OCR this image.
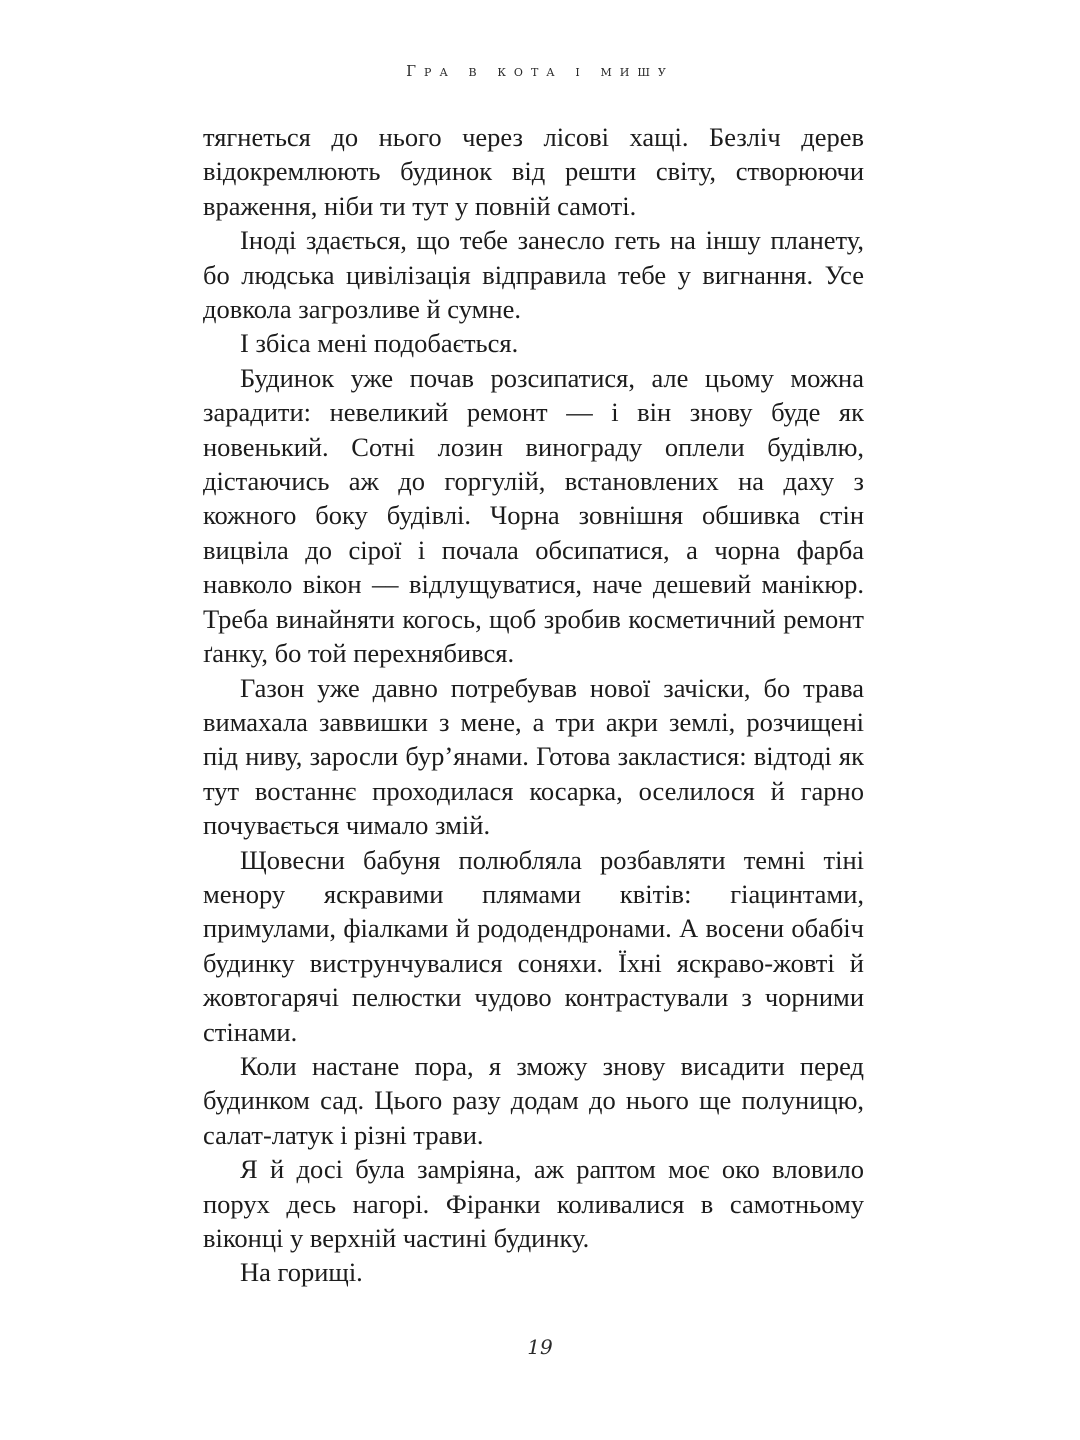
Гра в кота і мишу

тягнеться до нього через лісові хащі. Безліч дерев відокремлюють будинок від решти світу, створюючи враження, ніби ти тут у повній самоті.

Іноді здається, що тебе занесло геть на іншу планету, бо людська цивілізація відправила тебе у вигнання. Усе довкола загрозливе й сумне.

І збіса мені подобається.

Будинок уже почав розсипатися, але цьому можна зарадити: невеликий ремонт — і він знову буде як новенький. Сотні лозин винограду оплели будівлю, дістаючись аж до горгулій, встановлених на даху з кожного боку будівлі. Чорна зовнішня обшивка стін вицвіла до сірої і почала обсипатися, а чорна фарба навколо вікон –– відлущуватися, наче дешевий манікюр. Треба винайняти когось, щоб зробив косметичний ремонт ґанку, бо той перехнябився.

Газон уже давно потребував нової зачіски, бо трава вимахала заввишки з мене, а три акри землі, розчищені під ниву, заросли бур’янами. Готова закластися: відтоді як тут востаннє проходилася косарка, оселилося й гарно почувається чимало змій.

Щовесни бабуня полюбляла розбавляти темні тіні менору яскравими плямами квітів: гіацинтами, примулами, фіалками й рододендронами. А восени обабіч будинку виструнчувалися соняхи. Їхні яскраво-жовті й жовтогарячі пелюстки чудово контрастували з чорними стінами.

Коли настане пора, я зможу знову висадити перед будинком сад. Цього разу додам до нього ще полуницю, салат-латук і різні трави.

Я й досі була замріяна, аж раптом моє око вловило порух десь нагорі. Фіранки коливалися в самотньому віконці у верхній частині будинку.

На горищі.

19
